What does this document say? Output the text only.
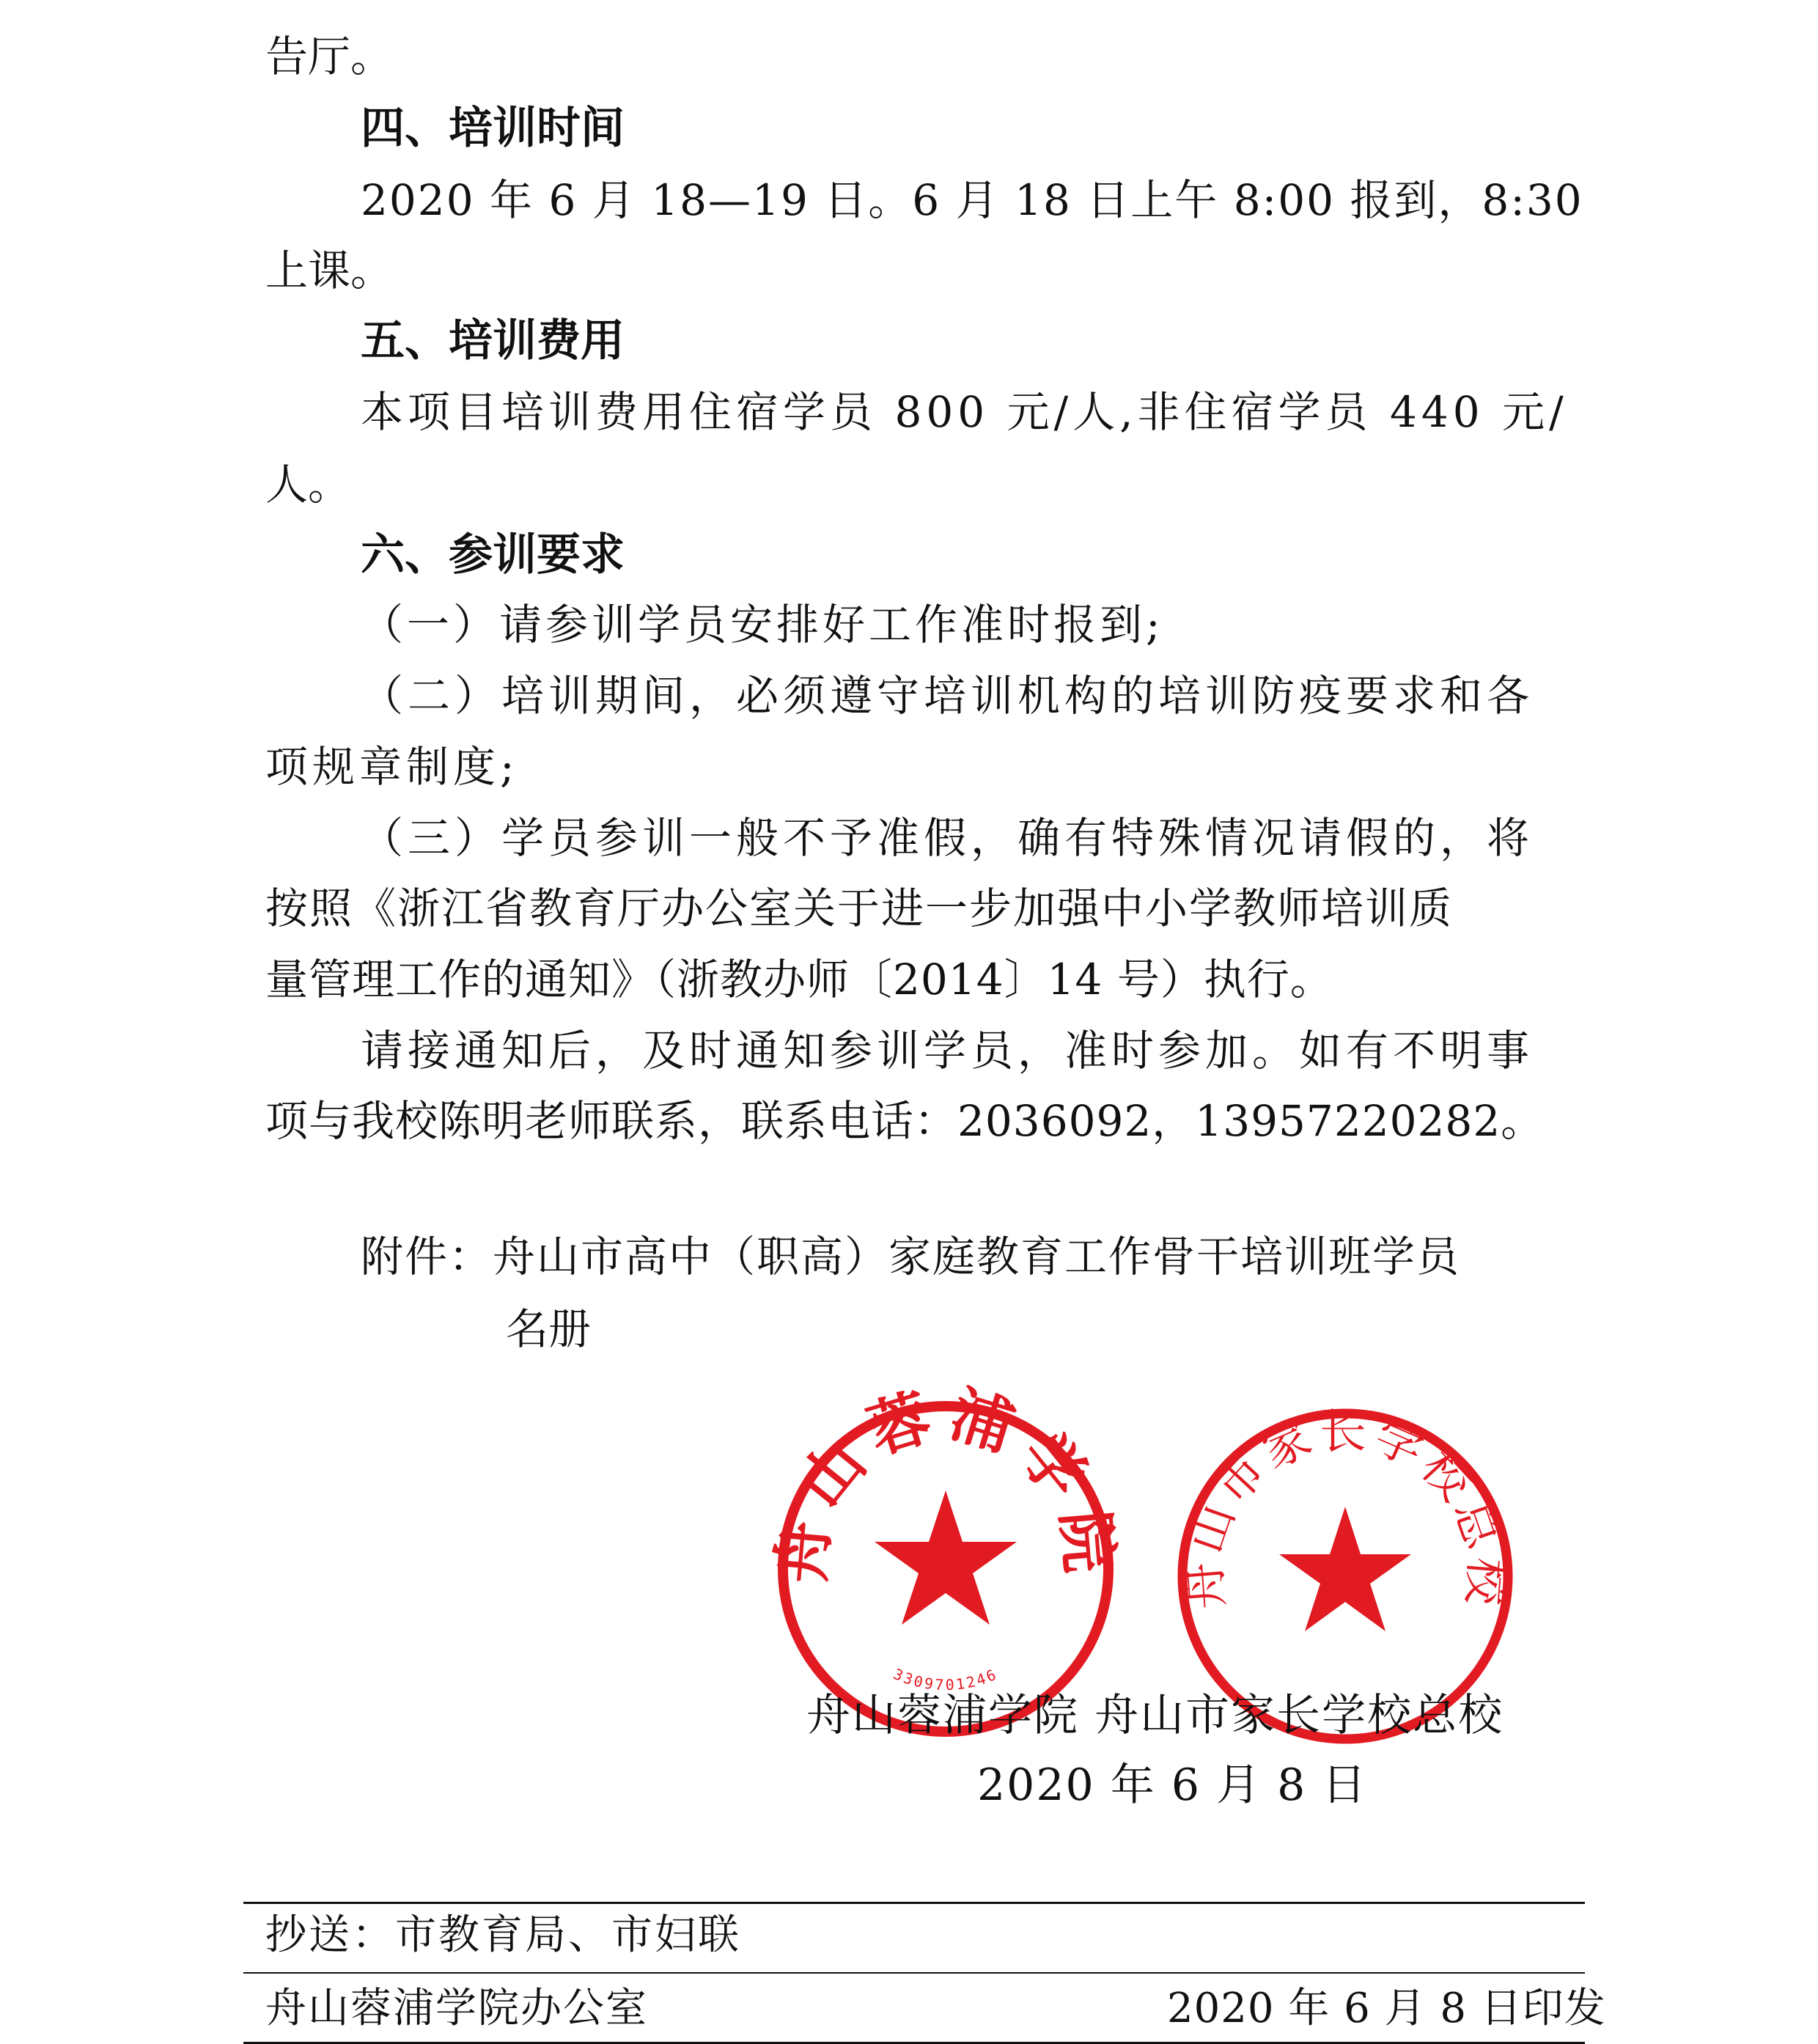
告厅。
四、培训时间
2020 年 6 月 18—19 日。6 月 18 日上午 8:00 报到，8:30
上课。
五、培训费用
本项目培训费用住宿学员 800 元/人,非住宿学员 440 元/
人。
六、参训要求
（一）请参训学员安排好工作准时报到;
（二）培训期间，必须遵守培训机构的培训防疫要求和各
项规章制度;
（三）学员参训一般不予准假，确有特殊情况请假的，将
按照《浙江省教育厅办公室关于进一步加强中小学教师培训质
量管理工作的通知》（浙教办师〔2014〕14 号）执行。
请接通知后，及时通知参训学员，准时参加。如有不明事
项与我校陈明老师联系，联系电话：2036092，13957220282。
附件：舟山市高中（职高）家庭教育工作骨干培训班学员
名册
舟山蓉浦学院
3309701246
舟山市家长学校总校
舟山蓉浦学院 舟山市家长学校总校
2020 年 6 月 8 日
抄送：市教育局、市妇联
舟山蓉浦学院办公室	2020 年 6 月 8 日印发
